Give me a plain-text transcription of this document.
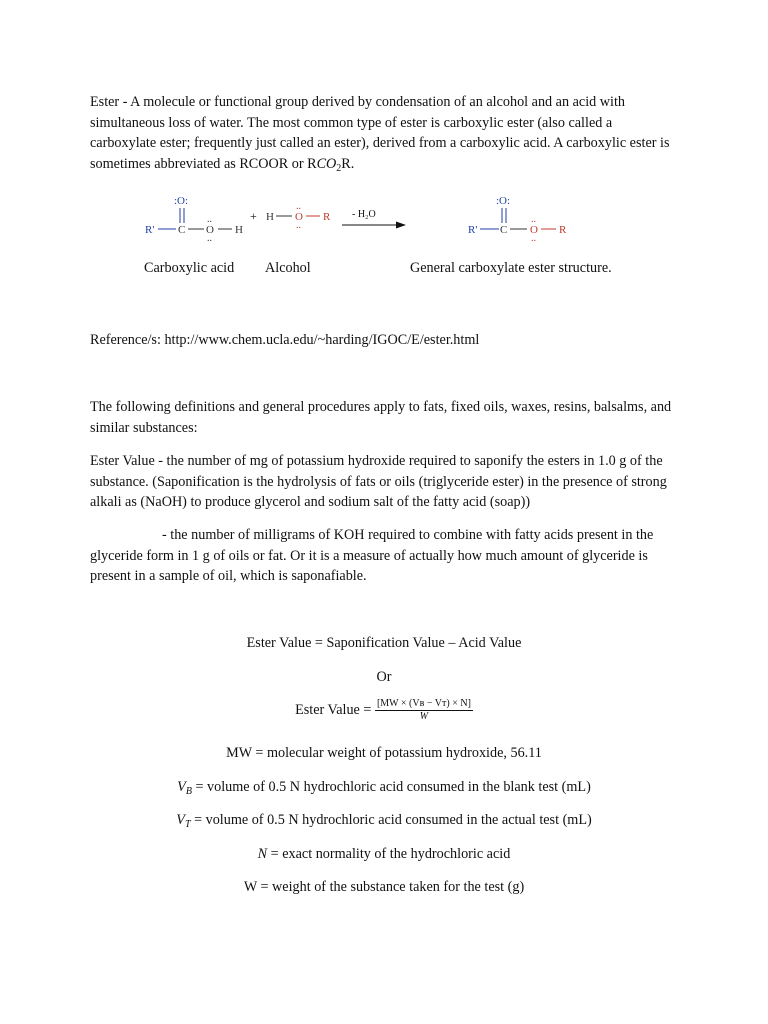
Ester - A molecule or functional group derived by condensation of an alcohol and an acid with simultaneous loss of water. The most common type of ester is carboxylic ester (also called a carboxylate ester; frequently just called an ester), derived from a carboxylic acid. A carboxylic ester is sometimes abbreviated as RCOOR or $RCO_2R$.

:O:
R' C
..
O
..
H
+ H
..
O
..
R - H₂O
:O:
R' C
..
O
..
R
Carboxylic acid Alcohol	General carboxylate ester structure.

Reference/s: http://www.chem.ucla.edu/~harding/IGOC/E/ester.html

The following definitions and general procedures apply to fats, fixed oils, waxes, resins, balsalms, and similar substances:

Ester Value - the number of mg of potassium hydroxide required to saponify the esters in 1.0 g of the substance. (Saponification is the hydrolysis of fats or oils (triglyceride ester) in the presence of strong alkali as (NaOH) to produce glycerol and sodium salt of the fatty acid (soap))

- the number of milligrams of KOH required to combine with fatty acids present in the glyceride form in 1 g of oils or fat. Or it is a measure of actually how much amount of glyceride is present in a sample of oil, which is saponafiable.

Ester Value = Saponification Value – Acid Value
Or
Ester Value = $\frac{\text{[MW × (Vʙ − Vᴛ) × N]}}{W}$
MW = molecular weight of potassium hydroxide, 56.11
$V_B$ = volume of 0.5 N hydrochloric acid consumed in the blank test (mL)
$V_T$ = volume of 0.5 N hydrochloric acid consumed in the actual test (mL)
N = exact normality of the hydrochloric acid
W = weight of the substance taken for the test (g)
